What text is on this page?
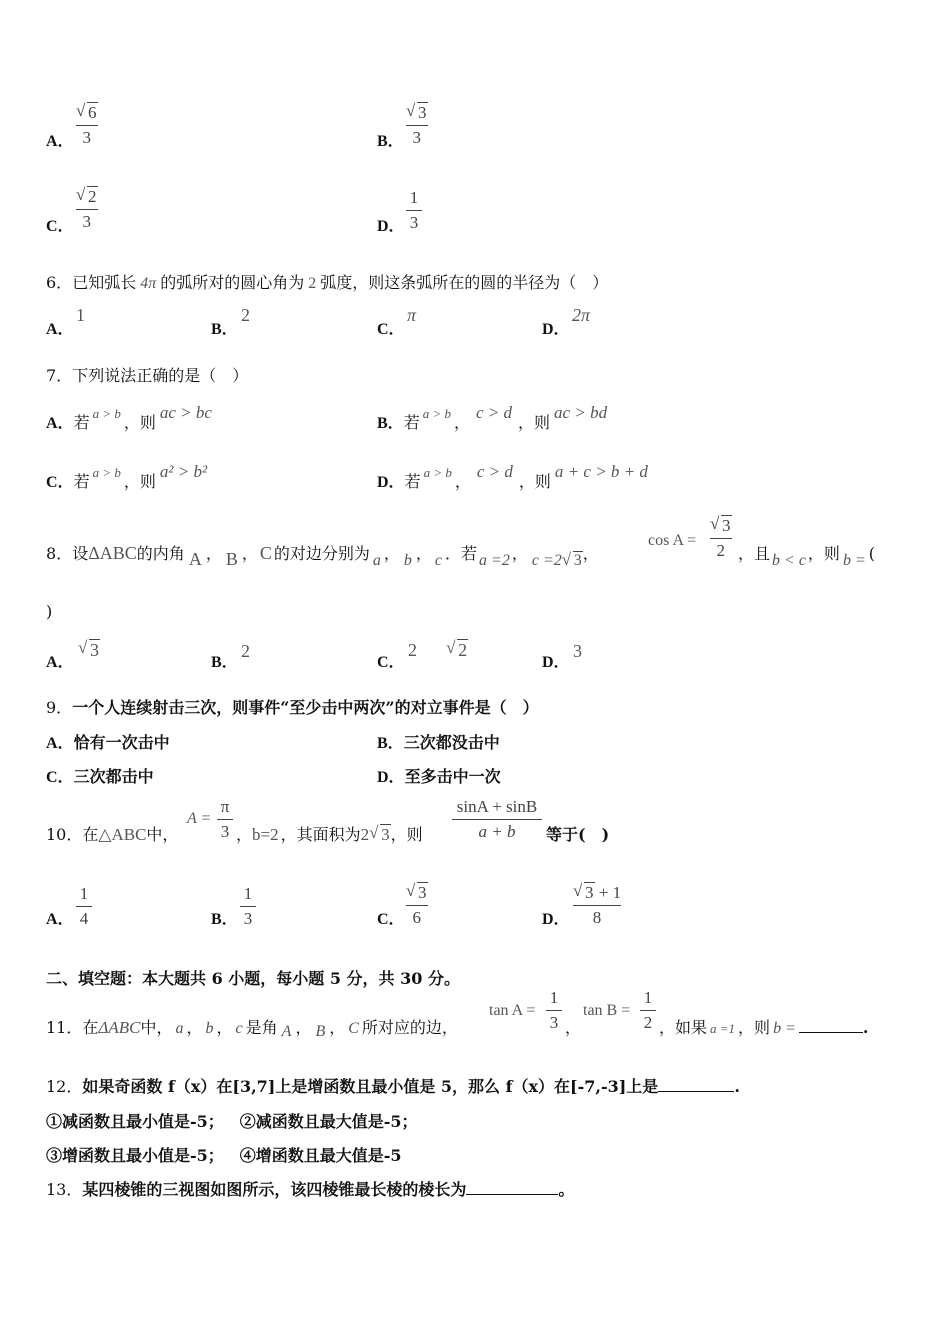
A．
√ 6
3	B．
√ 3
3
C．
√ 2
3	D．
1
3
6．已知弧长 4π 的弧所对的圆心角为 2 弧度，则这条弧所在的圆的半径为（　）
A．
1
B．
2
C．
π
D．
2π
7．下列说法正确的是（　）
A．若 $^{a > b}$ ，则ac > bc
B．若 $^{a > b}$ ，c > d，则ac > bd
C．若 $^{a > b}$ ，则a² > b²
D．若 $^{a > b}$ ，c > d，则a + c > b + d
8．设ΔABC的内角 A ， B ， C 的对边分别为 a ， b ， c ．若 a =2 ， c =2 √ 3，
cos A =
√ 3
2 ，且 b < c ，则 b = (
)
A．
√ 3
B．
2
C．
2 √ 2
D．
3
9．一个人连续射击三次，则事件“至少击中两次”的对立事件是（　）
A．恰有一次击中	B．三次都没击中
C．三次都击中	D．至多击中一次
10．在△ABC中，
A =
π
3 ，b=2 ，其面积为2 √ 3，则
sinA + sinB
a + b	等于(　)
A．
1
4	B．
1
3	C．
√ 3
6	D．
√ 3 + 1
8
二、填空题：本大题共 6 小题，每小题 5 分，共 30 分。
11．在ΔABC中， a ， b ， c 是角 A ， B ， C 所对应的边，
tan A =
1
3 ，
tan B =
1
2 ，如果 a =1 ，则 b =	.
12．如果奇函数 f（x）在[3,7]上是增函数且最小值是 5，那么 f（x）在[-7,-3]上是	.
①减函数且最小值是-5； ②减函数且最大值是-5；
③增函数且最小值是-5； ④增函数且最大值是-5
13．某四棱锥的三视图如图所示，该四棱锥最长棱的棱长为	。
